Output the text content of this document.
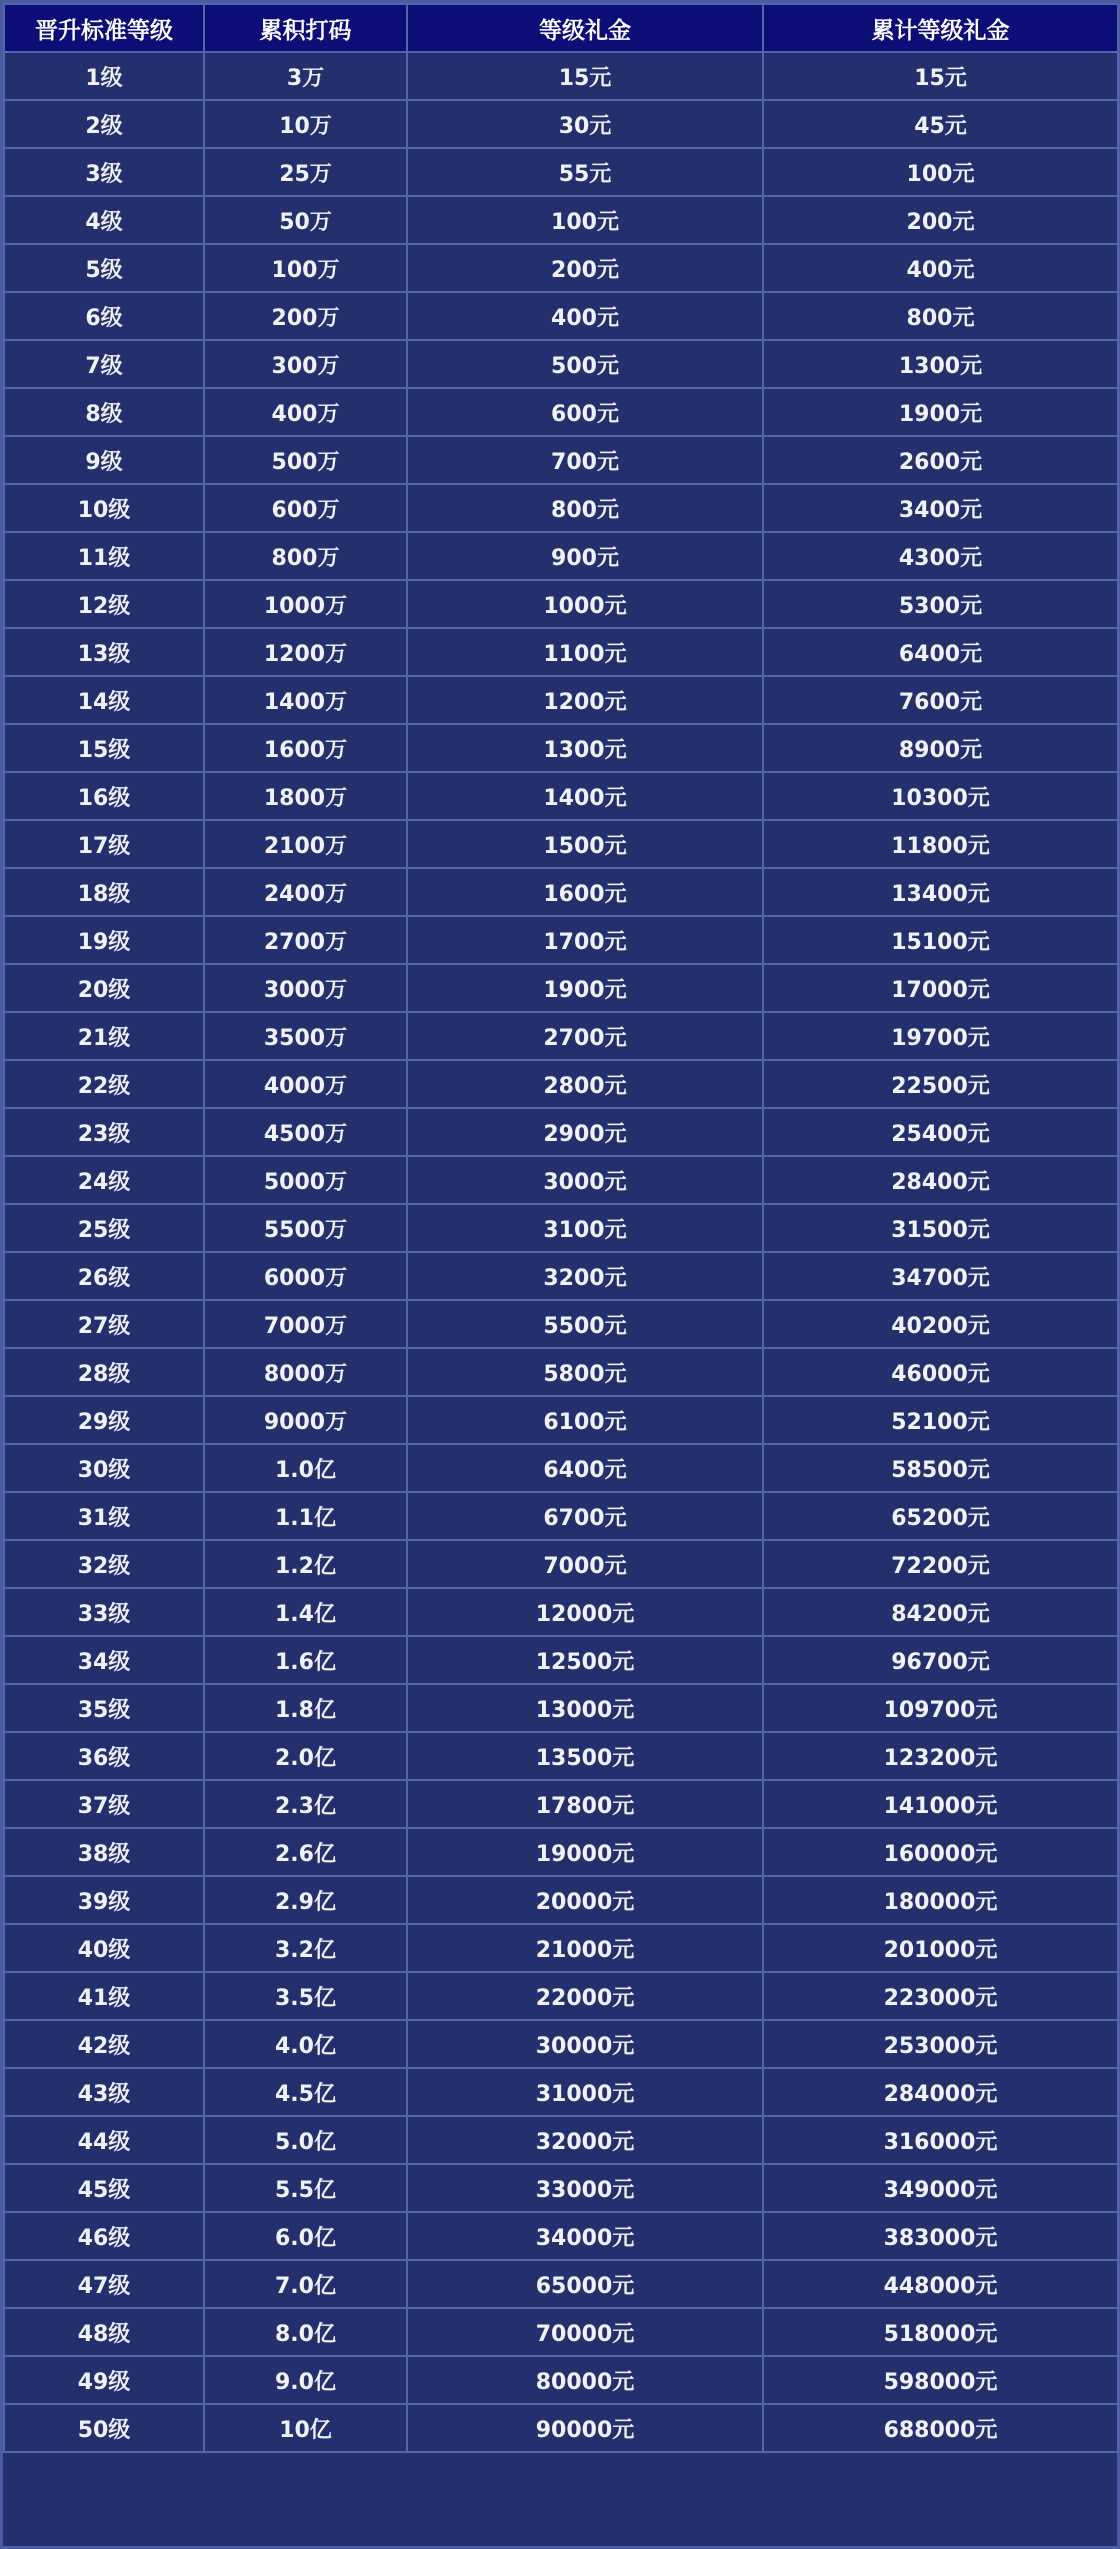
晋升标准等级	累积打码	等级礼金	累计等级礼金
1级	3万	15元	15元
2级	10万	30元	45元
3级	25万	55元	100元
4级	50万	100元	200元
5级	100万	200元	400元
6级	200万	400元	800元
7级	300万	500元	1300元
8级	400万	600元	1900元
9级	500万	700元	2600元
10级	600万	800元	3400元
11级	800万	900元	4300元
12级	1000万	1000元	5300元
13级	1200万	1100元	6400元
14级	1400万	1200元	7600元
15级	1600万	1300元	8900元
16级	1800万	1400元	10300元
17级	2100万	1500元	11800元
18级	2400万	1600元	13400元
19级	2700万	1700元	15100元
20级	3000万	1900元	17000元
21级	3500万	2700元	19700元
22级	4000万	2800元	22500元
23级	4500万	2900元	25400元
24级	5000万	3000元	28400元
25级	5500万	3100元	31500元
26级	6000万	3200元	34700元
27级	7000万	5500元	40200元
28级	8000万	5800元	46000元
29级	9000万	6100元	52100元
30级	1.0亿	6400元	58500元
31级	1.1亿	6700元	65200元
32级	1.2亿	7000元	72200元
33级	1.4亿	12000元	84200元
34级	1.6亿	12500元	96700元
35级	1.8亿	13000元	109700元
36级	2.0亿	13500元	123200元
37级	2.3亿	17800元	141000元
38级	2.6亿	19000元	160000元
39级	2.9亿	20000元	180000元
40级	3.2亿	21000元	201000元
41级	3.5亿	22000元	223000元
42级	4.0亿	30000元	253000元
43级	4.5亿	31000元	284000元
44级	5.0亿	32000元	316000元
45级	5.5亿	33000元	349000元
46级	6.0亿	34000元	383000元
47级	7.0亿	65000元	448000元
48级	8.0亿	70000元	518000元
49级	9.0亿	80000元	598000元
50级	10亿	90000元	688000元
